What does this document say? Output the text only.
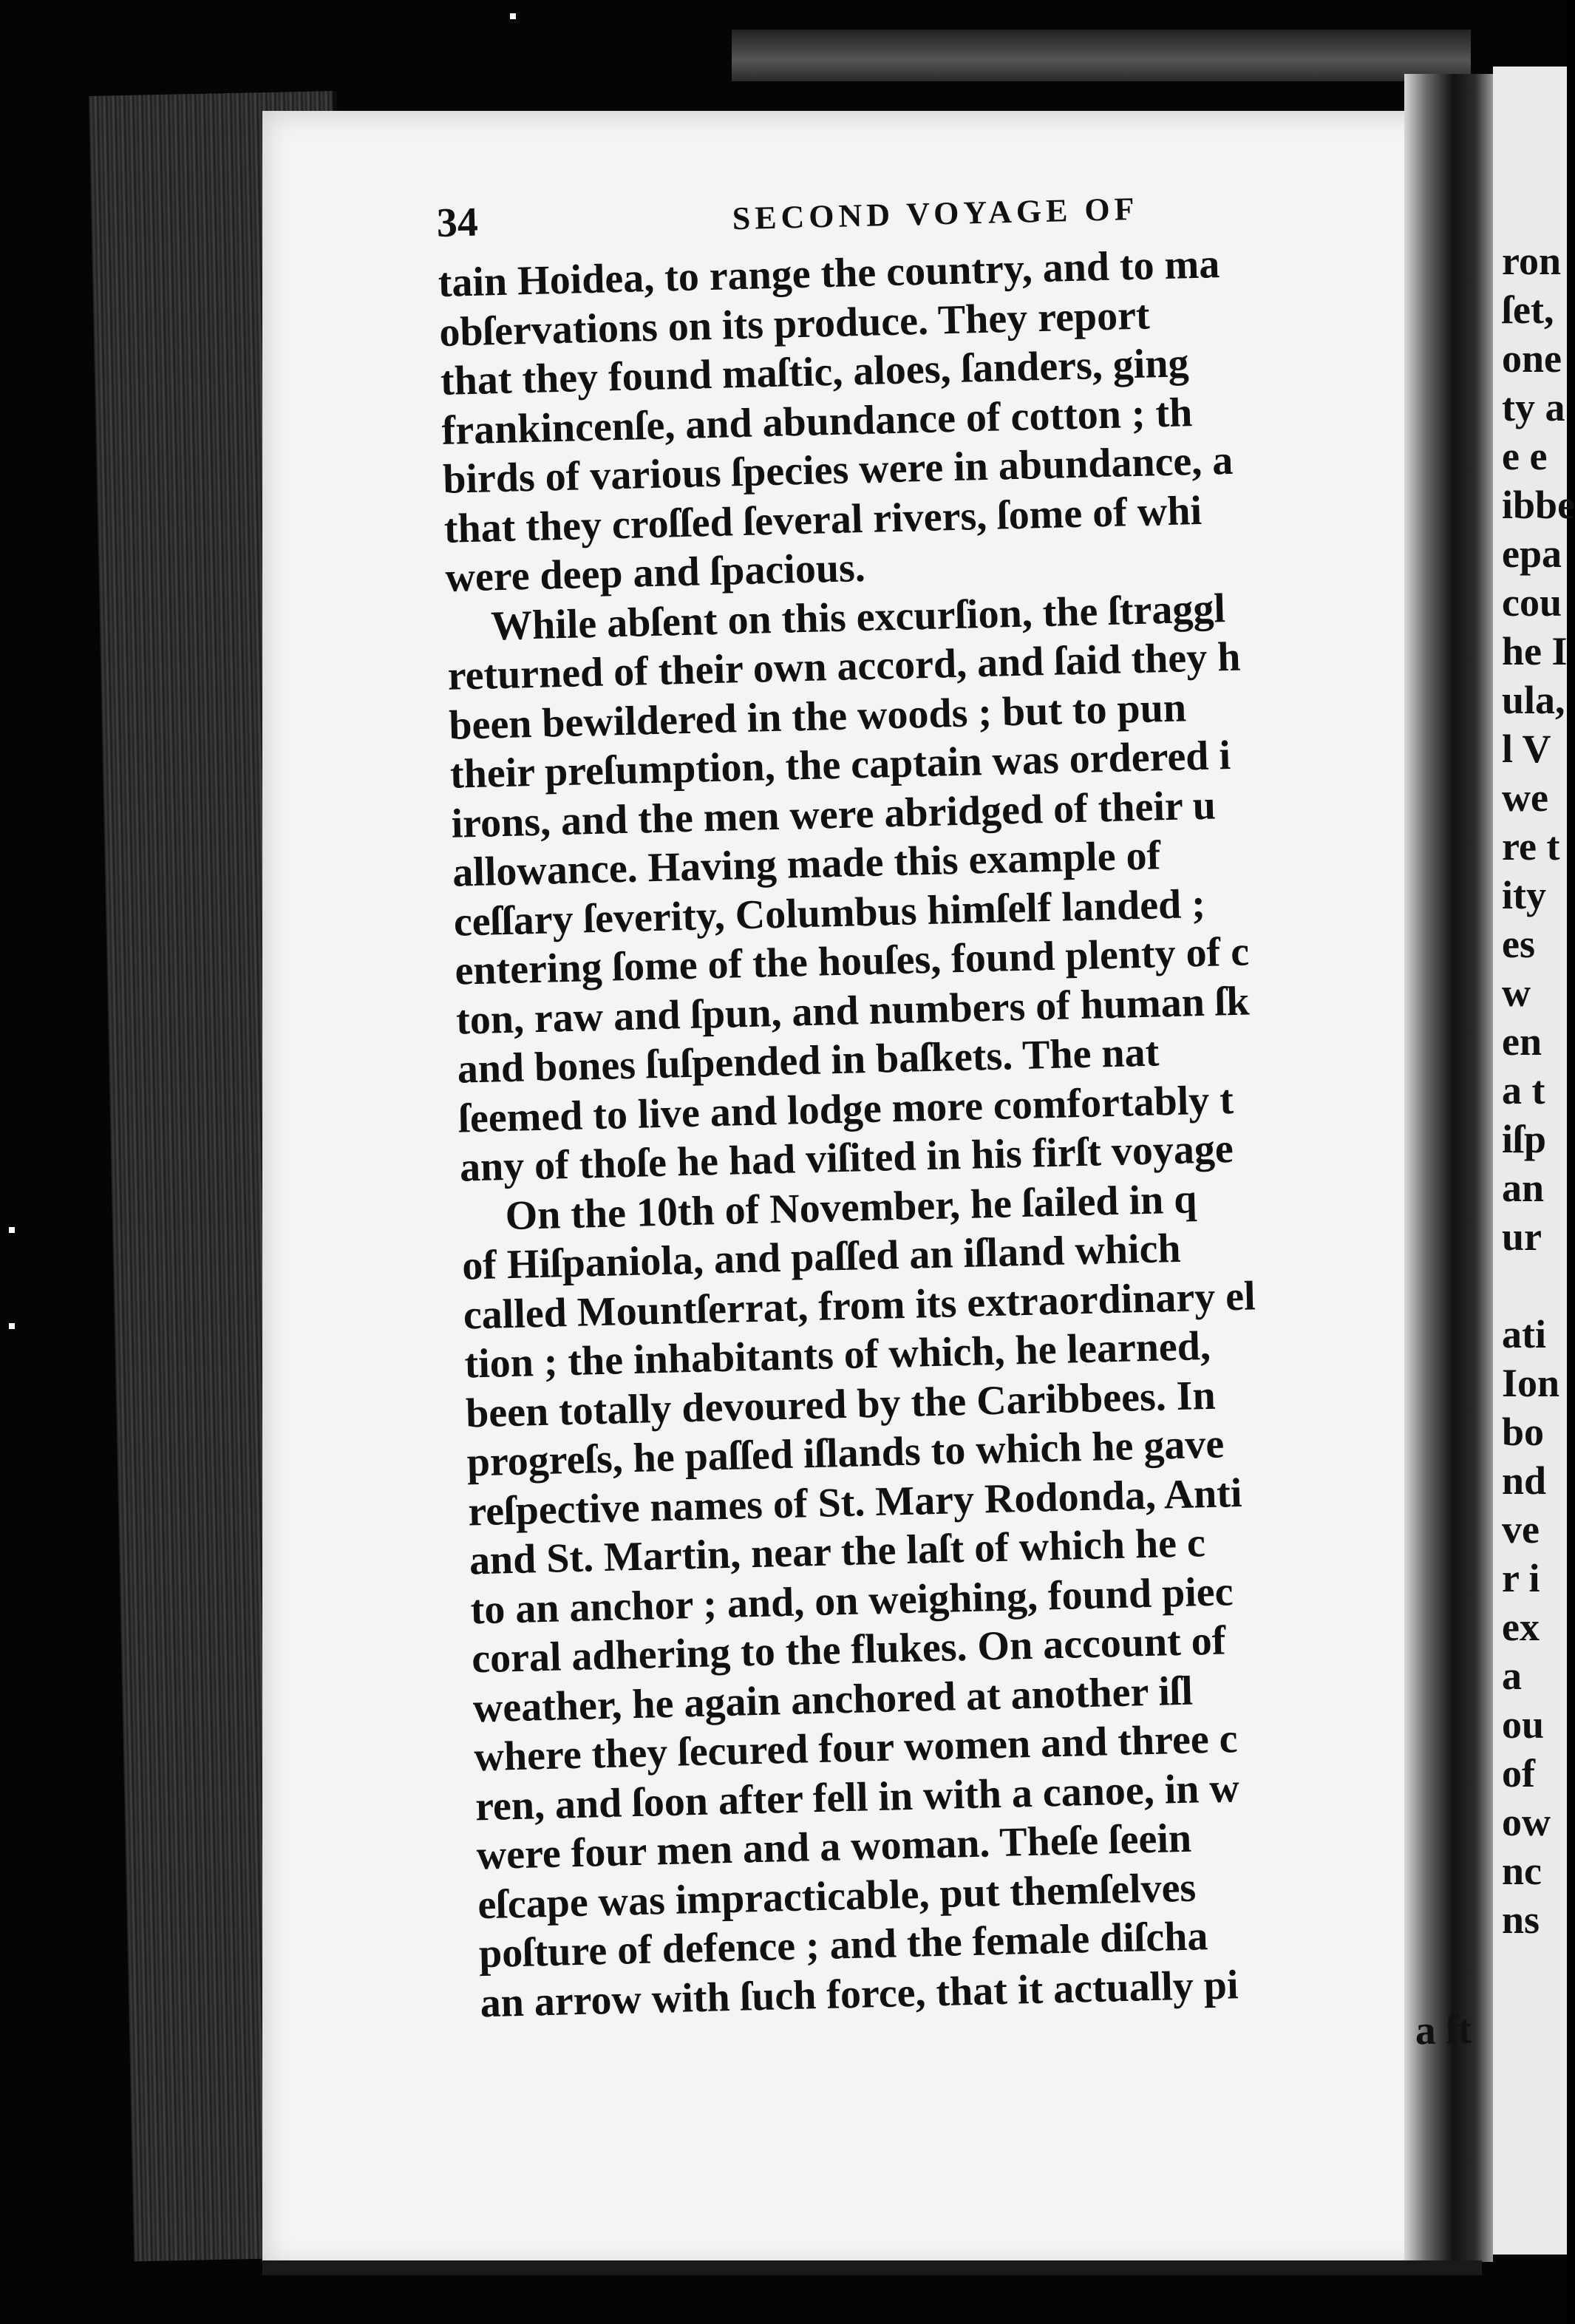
ron
ſet,
one
ty a
e e
ibbe
epa
cou
he I
ula,
l V
we
re t
ity
es
w
en
a t
iſp
an
ur
ati
Ion
bo
nd
ve
r i
ex
a
ou
of
ow
nc
ns
34	SECOND VOYAGE OF
tain Hoidea, to range the country, and to ma
obſervations on its produce. They report
that they found maſtic, aloes, ſanders, ging
frankincenſe, and abundance of cotton ; th
birds of various ſpecies were in abundance, a
that they croſſed ſeveral rivers, ſome of whi
were deep and ſpacious.
While abſent on this excurſion, the ſtraggl
returned of their own accord, and ſaid they h
been bewildered in the woods ; but to pun
their preſumption, the captain was ordered i
irons, and the men were abridged of their u
allowance. Having made this example of
ceſſary ſeverity, Columbus himſelf landed ;
entering ſome of the houſes, found plenty of c
ton, raw and ſpun, and numbers of human ſk
and bones ſuſpended in baſkets. The nat
ſeemed to live and lodge more comfortably t
any of thoſe he had viſited in his firſt voyage
On the 10th of November, he ſailed in q
of Hiſpaniola, and paſſed an iſland which
called Mountſerrat, from its extraordinary el
tion ; the inhabitants of which, he learned,
been totally devoured by the Caribbees. In
progreſs, he paſſed iſlands to which he gave
reſpective names of St. Mary Rodonda, Anti
and St. Martin, near the laſt of which he c
to an anchor ; and, on weighing, found piec
coral adhering to the flukes. On account of
weather, he again anchored at another iſl
where they ſecured four women and three c
ren, and ſoon after fell in with a canoe, in w
were four men and a woman. Theſe ſeein
eſcape was impracticable, put themſelves
poſture of defence ; and the female diſcha
an arrow with ſuch force, that it actually pi
a ſt
